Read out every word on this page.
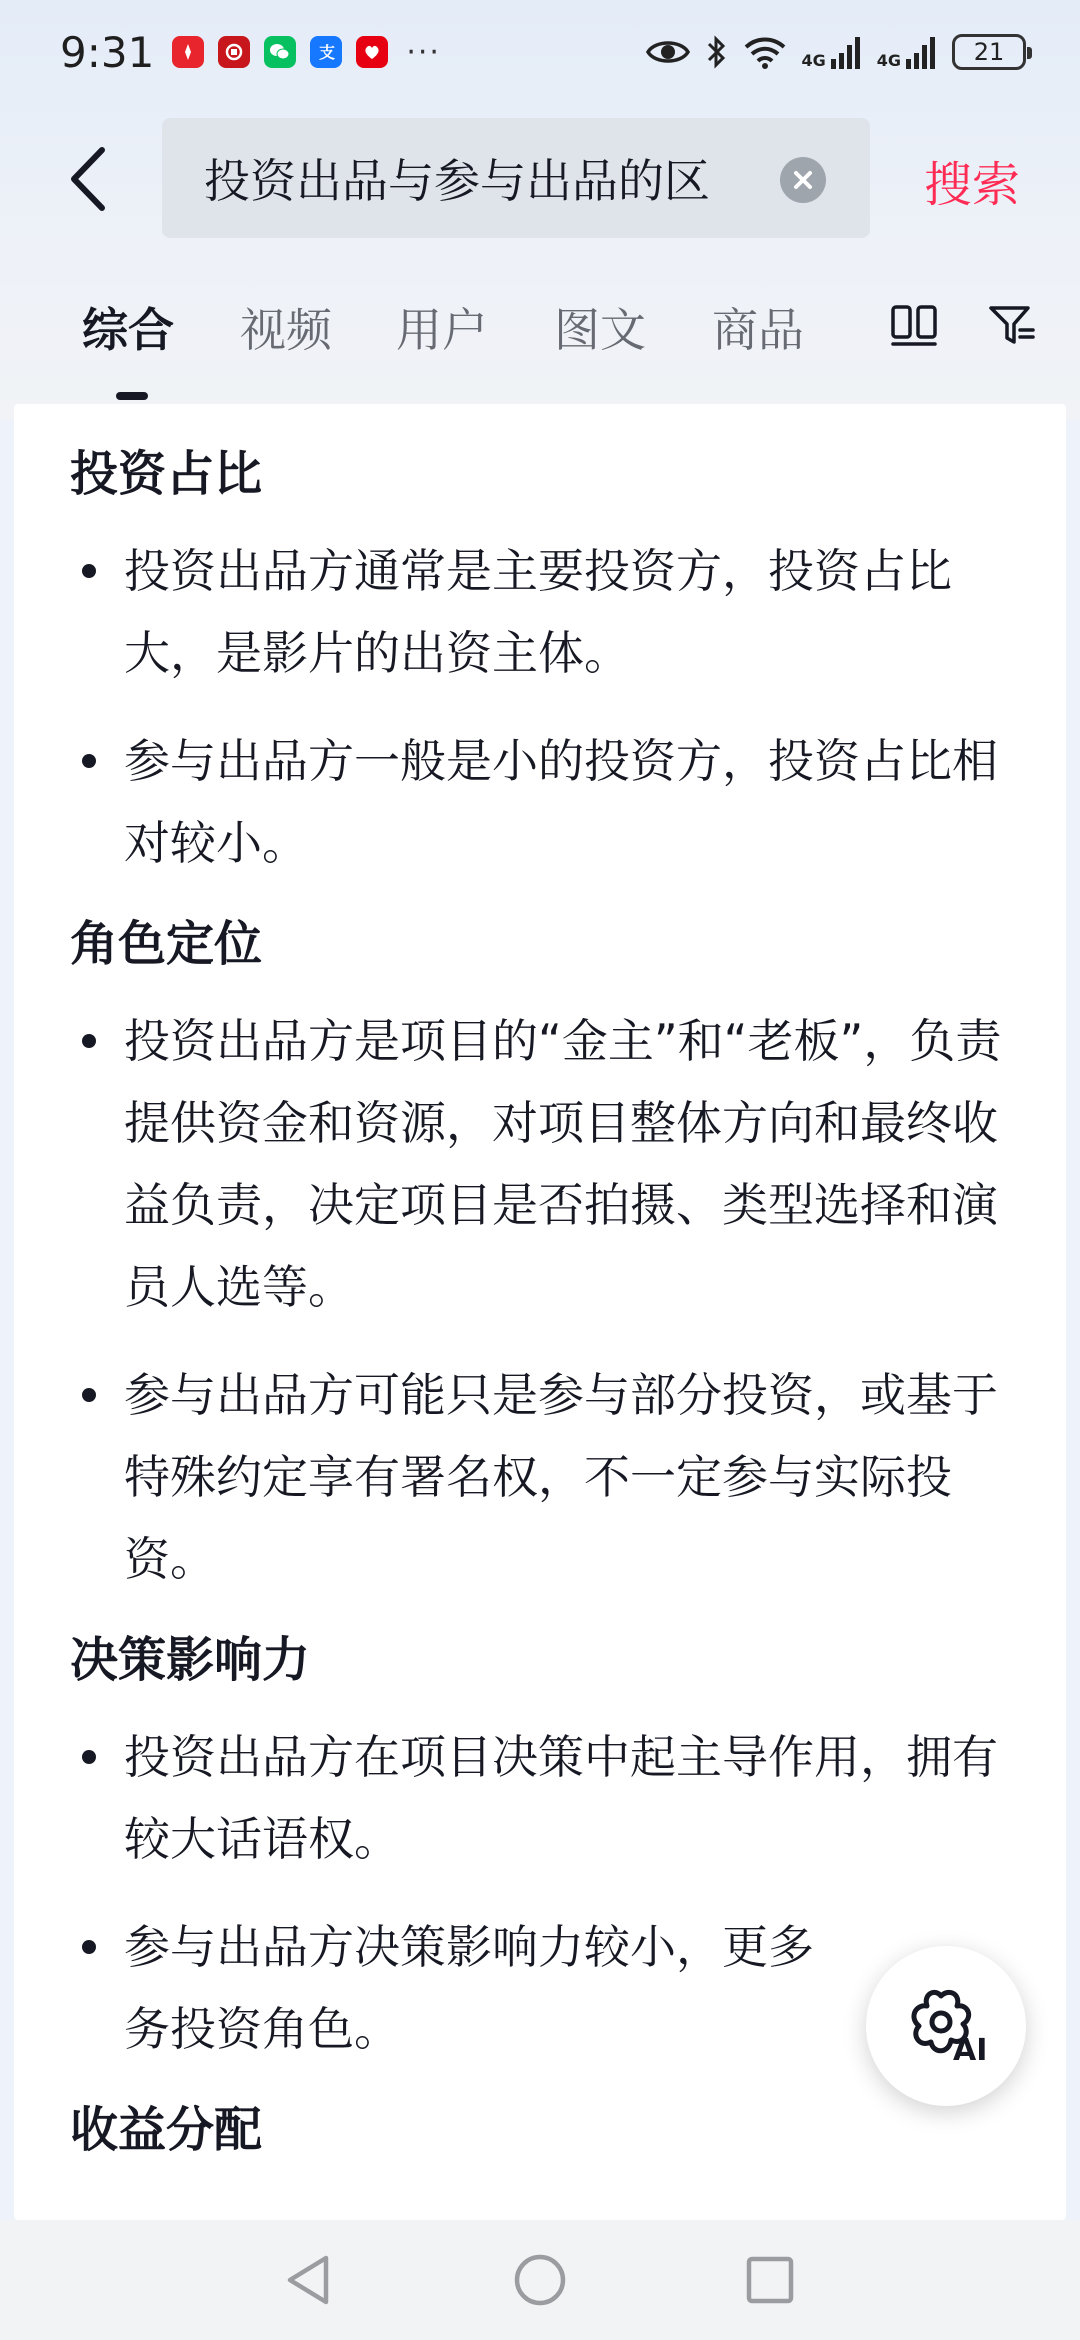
9:31	支 ···	4G	4G	21
投资出品与参与出品的区	搜索
综合 视频 用户 图文 商品
投资占比
投资出品方通常是主要投资方，投资占比大，是影片的出资主体。
参与出品方一般是小的投资方，投资占比相对较小。
角色定位
投资出品方是项目的“金主”和“老板”，负责提供资金和资源，对项目整体方向和最终收益负责，决定项目是否拍摄、类型选择和演员人选等。
参与出品方可能只是参与部分投资，或基于特殊约定享有署名权，不一定参与实际投资。
决策影响力
投资出品方在项目决策中起主导作用，拥有较大话语权。
参与出品方决策影响力较小，更多
务投资角色。
收益分配
AI
